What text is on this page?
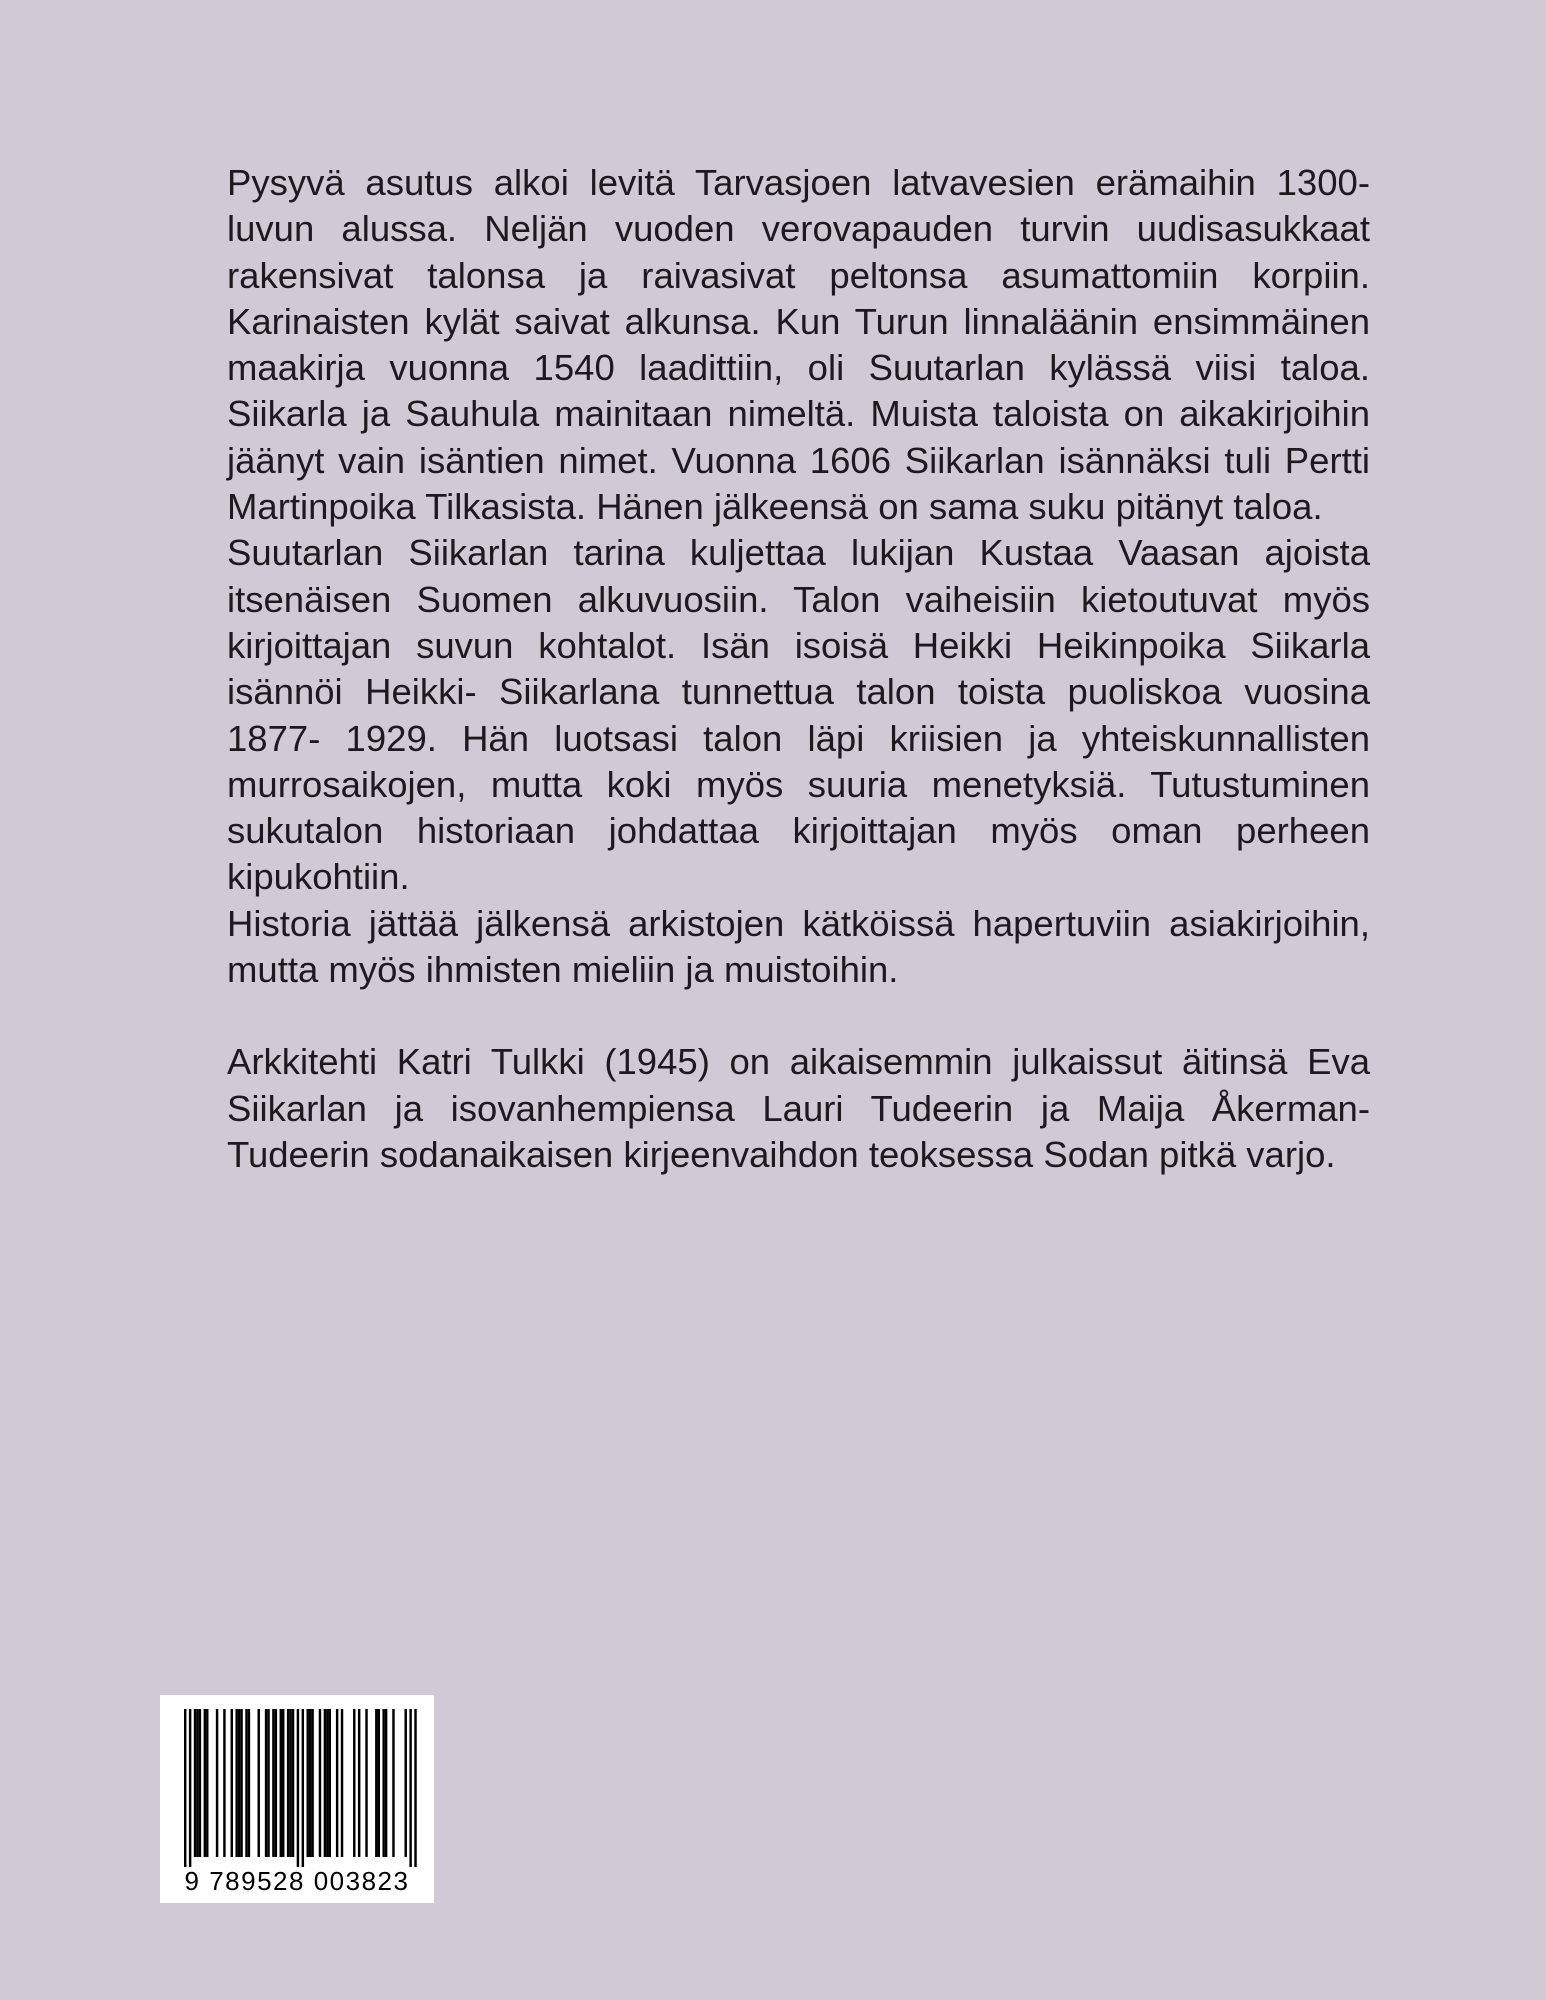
Pysyvä asutus alkoi levitä Tarvasjoen latvavesien erämaihin 1300-luvun alussa. Neljän vuoden verovapauden turvin uudisasukkaat rakensivat talonsa ja raivasivat peltonsa asumattomiin korpiin. Karinaisten kylät saivat alkunsa. Kun Turun linnaläänin ensimmäinen maakirja vuonna 1540 laadittiin, oli Suutarlan kylässä viisi taloa. Siikarla ja Sauhula mainitaan nimeltä. Muista taloista on aikakirjoihin jäänyt vain isäntien nimet. Vuonna 1606 Siikarlan isännäksi tuli Pertti Martinpoika Tilkasista. Hänen jälkeensä on sama suku pitänyt taloa.

Suutarlan Siikarlan tarina kuljettaa lukijan Kustaa Vaasan ajoista itsenäisen Suomen alkuvuosiin. Talon vaiheisiin kietoutuvat myös kirjoittajan suvun kohtalot. Isän isoisä Heikki Heikinpoika Siikarla isännöi Heikki- Siikarlana tunnettua talon toista puoliskoa vuosina 1877- 1929. Hän luotsasi talon läpi kriisien ja yhteiskunnallisten murrosaikojen, mutta koki myös suuria menetyksiä. Tutustuminen sukutalon historiaan johdattaa kirjoittajan myös oman perheen kipukohtiin.

Historia jättää jälkensä arkistojen kätköissä hapertuviin asiakirjoihin, mutta myös ihmisten mieliin ja muistoihin.

Arkkitehti Katri Tulkki (1945) on aikaisemmin julkaissut äitinsä Eva Siikarlan ja isovanhempiensa Lauri Tudeerin ja Maija Åkerman-Tudeerin sodanaikaisen kirjeenvaihdon teoksessa Sodan pitkä varjo.

9 789528 003823
